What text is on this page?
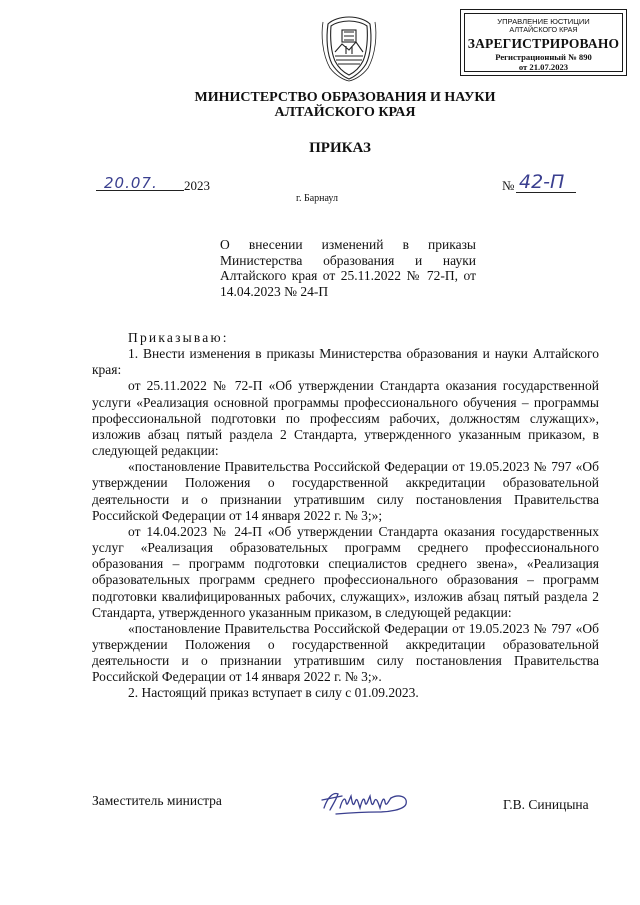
УПРАВЛЕНИЕ ЮСТИЦИИ
АЛТАЙСКОГО КРАЯ
ЗАРЕГИСТРИРОВАНО
Регистрационный № 890
от 21.07.2023
МИНИСТЕРСТВО ОБРАЗОВАНИЯ И НАУКИ
АЛТАЙСКОГО КРАЯ
ПРИКАЗ
20.07. 2023	№ 42-П
г. Барнаул
О внесении изменений в приказы Министерства образования и науки Алтайского края от 25.11.2022 № 72-П, от 14.04.2023 № 24-П

Приказываю:

1. Внести изменения в приказы Министерства образования и науки Алтайского края:

от 25.11.2022 № 72-П «Об утверждении Стандарта оказания государственной услуги «Реализация основной программы профессионального обучения – программы профессиональной подготовки по профессиям рабочих, должностям служащих», изложив абзац пятый раздела 2 Стандарта, утвержденного указанным приказом, в следующей редакции:

«постановление Правительства Российской Федерации от 19.05.2023 № 797 «Об утверждении Положения о государственной аккредитации образовательной деятельности и о признании утратившим силу постановления Правительства Российской Федерации от 14 января 2022 г. № 3;»;

от 14.04.2023 № 24-П «Об утверждении Стандарта оказания государственных услуг «Реализация образовательных программ среднего профессионального образования – программ подготовки специалистов среднего звена», «Реализация образовательных программ среднего профессионального образования – программ подготовки квалифицированных рабочих, служащих», изложив абзац пятый раздела 2 Стандарта, утвержденного указанным приказом, в следующей редакции:

«постановление Правительства Российской Федерации от 19.05.2023 № 797 «Об утверждении Положения о государственной аккредитации образовательной деятельности и о признании утратившим силу постановления Правительства Российской Федерации от 14 января 2022 г. № 3;».

2. Настоящий приказ вступает в силу с 01.09.2023.

Заместитель министра	Г.В. Синицына
